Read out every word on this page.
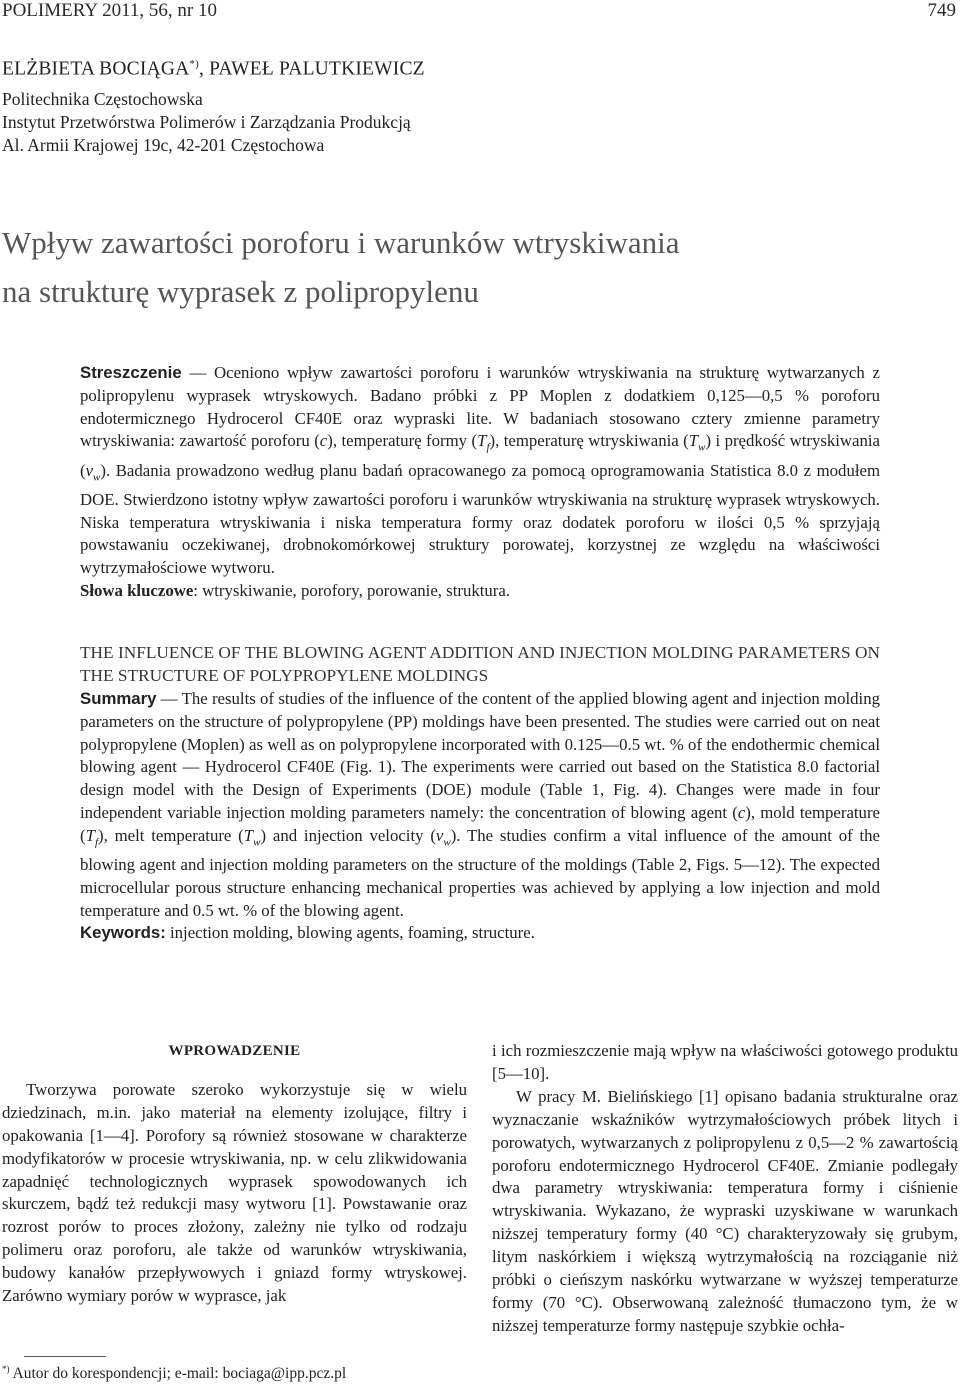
POLIMERY 2011, 56, nr 10	749
ELŻBIETA BOCIĄGA*), PAWEŁ PALUTKIEWICZ
Politechnika Częstochowska
Instytut Przetwórstwa Polimerów i Zarządzania Produkcją
Al. Armii Krajowej 19c, 42-201 Częstochowa
Wpływ zawartości poroforu i warunków wtryskiwania
na strukturę wyprasek z polipropylenu

Streszczenie — Oceniono wpływ zawartości poroforu i warunków wtryskiwania na strukturę wytwarzanych z polipropylenu wyprasek wtryskowych. Badano próbki z PP Moplen z dodatkiem 0,125—0,5 % poroforu endotermicznego Hydrocerol CF40E oraz wypraski lite. W badaniach stosowano cztery zmienne parametry wtryskiwania: zawartość poroforu (c), temperaturę formy $(T_f)$, temperaturę wtryskiwania $(T_w)$ i prędkość wtryskiwania $(v_w)$. Badania prowadzono według planu badań opracowanego za pomocą oprogramowania Statistica 8.0 z modułem DOE. Stwierdzono istotny wpływ zawartości poroforu i warunków wtryskiwania na strukturę wyprasek wtryskowych. Niska temperatura wtryskiwania i niska temperatura formy oraz dodatek poroforu w ilości 0,5 % sprzyjają powstawaniu oczekiwanej, drobnokomórkowej struktury porowatej, korzystnej ze względu na właściwości wytrzymałościowe wytworu.

Słowa kluczowe: wtryskiwanie, porofory, porowanie, struktura.

THE INFLUENCE OF THE BLOWING AGENT ADDITION AND INJECTION MOLDING PARAMETERS ON THE STRUCTURE OF POLYPROPYLENE MOLDINGS

Summary — The results of studies of the influence of the content of the applied blowing agent and injection molding parameters on the structure of polypropylene (PP) moldings have been presented. The studies were carried out on neat polypropylene (Moplen) as well as on polypropylene incorporated with 0.125—0.5 wt. % of the endothermic chemical blowing agent — Hydrocerol CF40E (Fig. 1). The experiments were carried out based on the Statistica 8.0 factorial design model with the Design of Experiments (DOE) module (Table 1, Fig. 4). Changes were made in four independent variable injection molding parameters namely: the concentration of blowing agent (c), mold temperature $(T_f)$, melt temperature $(T_w)$ and injection velocity $(v_w)$. The studies confirm a vital influence of the amount of the blowing agent and injection molding parameters on the structure of the moldings (Table 2, Figs. 5—12). The expected microcellular porous structure enhancing mechanical properties was achieved by applying a low injection and mold temperature and 0.5 wt. % of the blowing agent.

Keywords: injection molding, blowing agents, foaming, structure.

WPROWADZENIE

Tworzywa porowate szeroko wykorzystuje się w wielu dziedzinach, m.in. jako materiał na elementy izolujące, filtry i opakowania [1—4]. Porofory są również stosowane w charakterze modyfikatorów w procesie wtryskiwania, np. w celu zlikwidowania zapadnięć technologicznych wyprasek spowodowanych ich skurczem, bądź też redukcji masy wytworu [1]. Powstawanie oraz rozrost porów to proces złożony, zależny nie tylko od rodzaju polimeru oraz poroforu, ale także od warunków wtryskiwania, budowy kanałów przepływowych i gniazd formy wtryskowej. Zarówno wymiary porów w wyprasce, jak

i ich rozmieszczenie mają wpływ na właściwości gotowego produktu [5—10].

W pracy M. Bielińskiego [1] opisano badania strukturalne oraz wyznaczanie wskaźników wytrzymałościowych próbek litych i porowatych, wytwarzanych z polipropylenu z 0,5—2 % zawartością poroforu endotermicznego Hydrocerol CF40E. Zmianie podlegały dwa parametry wtryskiwania: temperatura formy i ciśnienie wtryskiwania. Wykazano, że wypraski uzyskiwane w warunkach niższej temperatury formy (40 °C) charakteryzowały się grubym, litym naskórkiem i większą wytrzymałością na rozciąganie niż próbki o cieńszym naskórku wytwarzane w wyższej temperaturze formy (70 °C). Obserwowaną zależność tłumaczono tym, że w niższej temperaturze formy następuje szybkie ochła-

*) Autor do korespondencji; e-mail: bociaga@ipp.pcz.pl
